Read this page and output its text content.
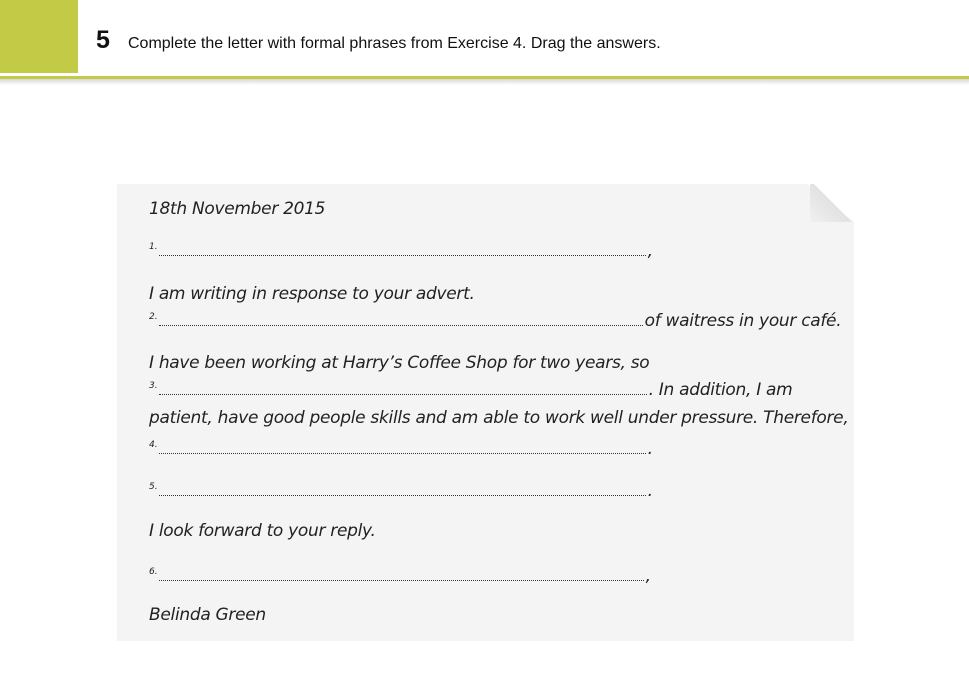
5 Complete the letter with formal phrases from Exercise 4. Drag the answers.
18th November 2015
1.	,
I am writing in response to your advert.
2.	of waitress in your café.
I have been working at Harry’s Coffee Shop for two years, so
3.	. In addition, I am
patient, have good people skills and am able to work well under pressure. Therefore,
4.	.
5.	.
I look forward to your reply.
6.	,
Belinda Green
